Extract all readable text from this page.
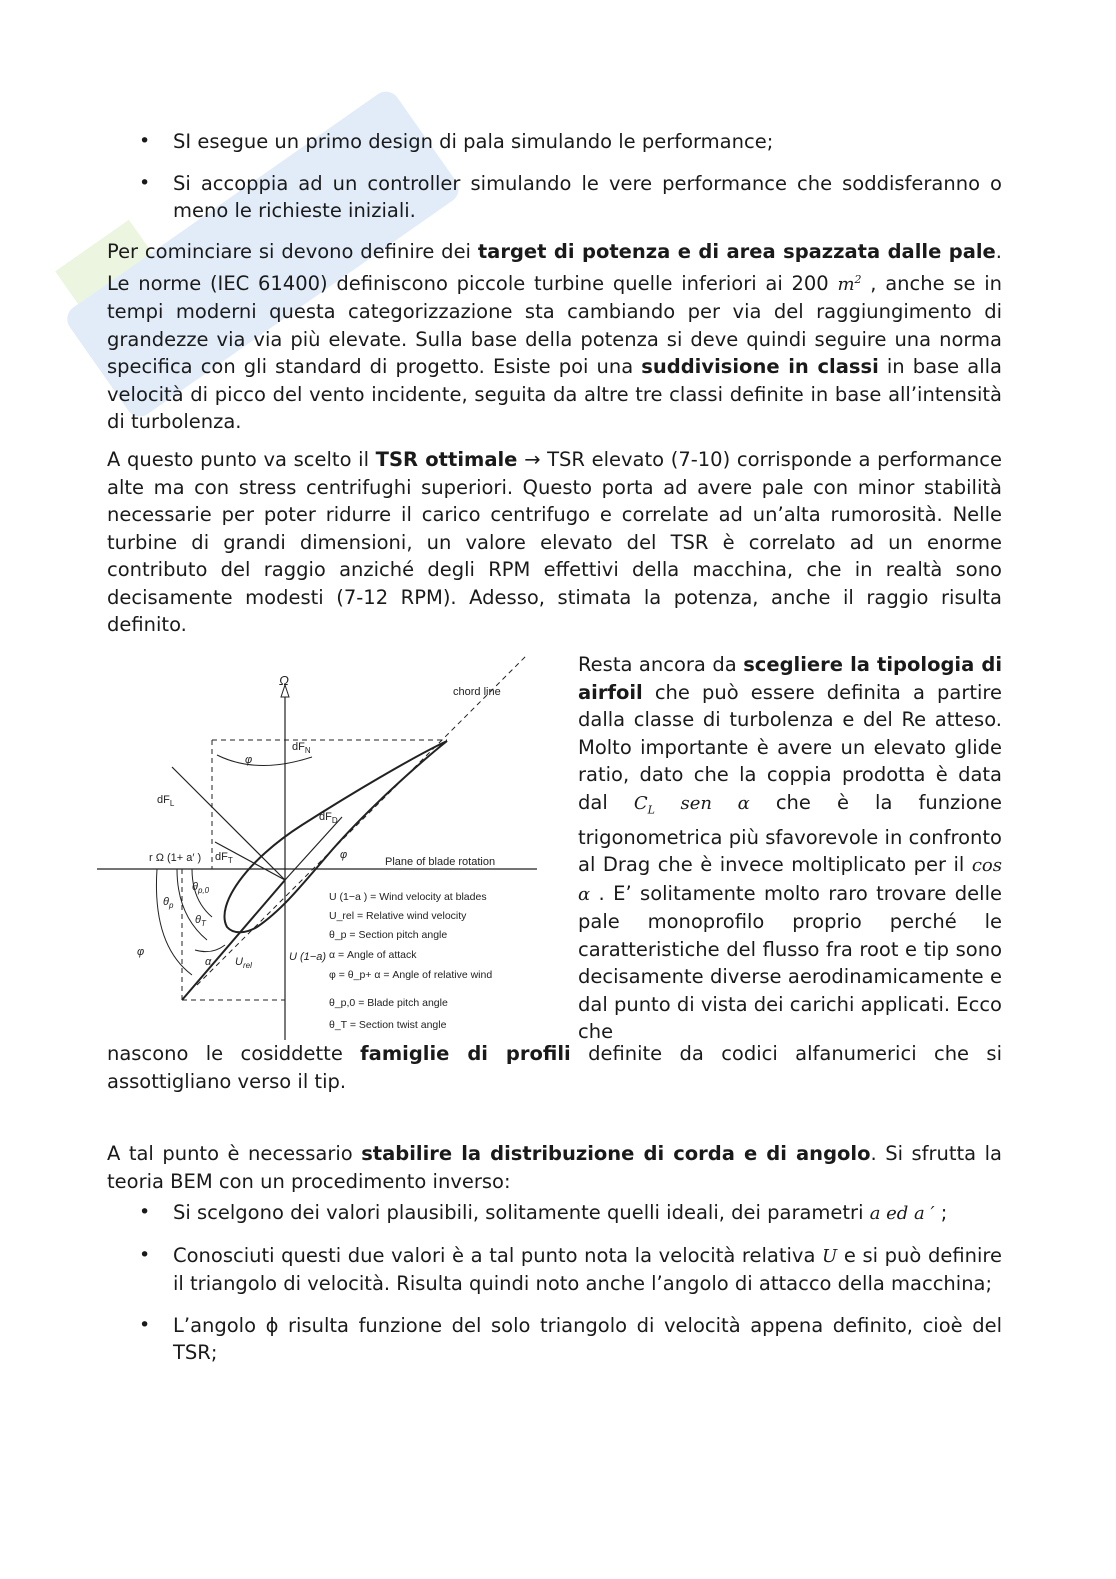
• SI esegue un primo design di pala simulando le performance;
• Si accoppia ad un controller simulando le vere performance che soddisferanno o meno le richieste iniziali.

Per cominciare si devono definire dei target di potenza e di area spazzata dalle pale. Le norme (IEC 61400) definiscono piccole turbine quelle inferiori ai 200 $m^2$ , anche se in tempi moderni questa categorizzazione sta cambiando per via del raggiungimento di grandezze via via più elevate. Sulla base della potenza si deve quindi seguire una norma specifica con gli standard di progetto. Esiste poi una suddivisione in classi in base alla velocità di picco del vento incidente, seguita da altre tre classi definite in base all’intensità di turbolenza.

A questo punto va scelto il TSR ottimale → TSR elevato (7-10) corrisponde a performance alte ma con stress centrifughi superiori. Questo porta ad avere pale con minor stabilità necessarie per poter ridurre il carico centrifugo e correlate ad un’alta rumorosità. Nelle turbine di grandi dimensioni, un valore elevato del TSR è correlato ad un enorme contributo del raggio anziché degli RPM effettivi della macchina, che in realtà sono decisamente modesti (7-12 RPM). Adesso, stimata la potenza, anche il raggio risulta definito.

Ω
chord line
$dF_N$
$dF_L$
$dF_D$
$dF_T$
φ
φ
φ
r Ω (1+ a′ )	Plane of blade rotation
$\theta_{p,0}$
$\theta_p$
$\theta_T$
α $U_{rel}$
U (1−a)
U (1−a ) = Wind velocity at blades
U_rel = Relative wind velocity
θ_p = Section pitch angle
α = Angle of attack
φ = θ_p+ α = Angle of relative wind
θ_p,0 = Blade pitch angle
θ_T = Section twist angle

Resta ancora da scegliere la tipologia di airfoil che può essere definita a partire dalla classe di turbolenza e del Re atteso. Molto importante è avere un elevato glide ratio, dato che la coppia prodotta è data dal $C_L$ sen α che è la funzione trigonometrica più sfavorevole in confronto al Drag che è invece moltiplicato per il cos α . E’ solitamente molto raro trovare delle pale monoprofilo proprio perché le caratteristiche del flusso fra root e tip sono decisamente diverse aerodinamicamente e dal punto di vista dei carichi applicati. Ecco che

nascono le cosiddette famiglie di profili definite da codici alfanumerici che si assottigliano verso il tip.

A tal punto è necessario stabilire la distribuzione di corda e di angolo. Si sfrutta la teoria BEM con un procedimento inverso:

• Si scelgono dei valori plausibili, solitamente quelli ideali, dei parametri a ed a ′ ;
• Conosciuti questi due valori è a tal punto nota la velocità relativa U e si può definire il triangolo di velocità. Risulta quindi noto anche l’angolo di attacco della macchina;
• L’angolo ɸ risulta funzione del solo triangolo di velocità appena definito, cioè del TSR;
